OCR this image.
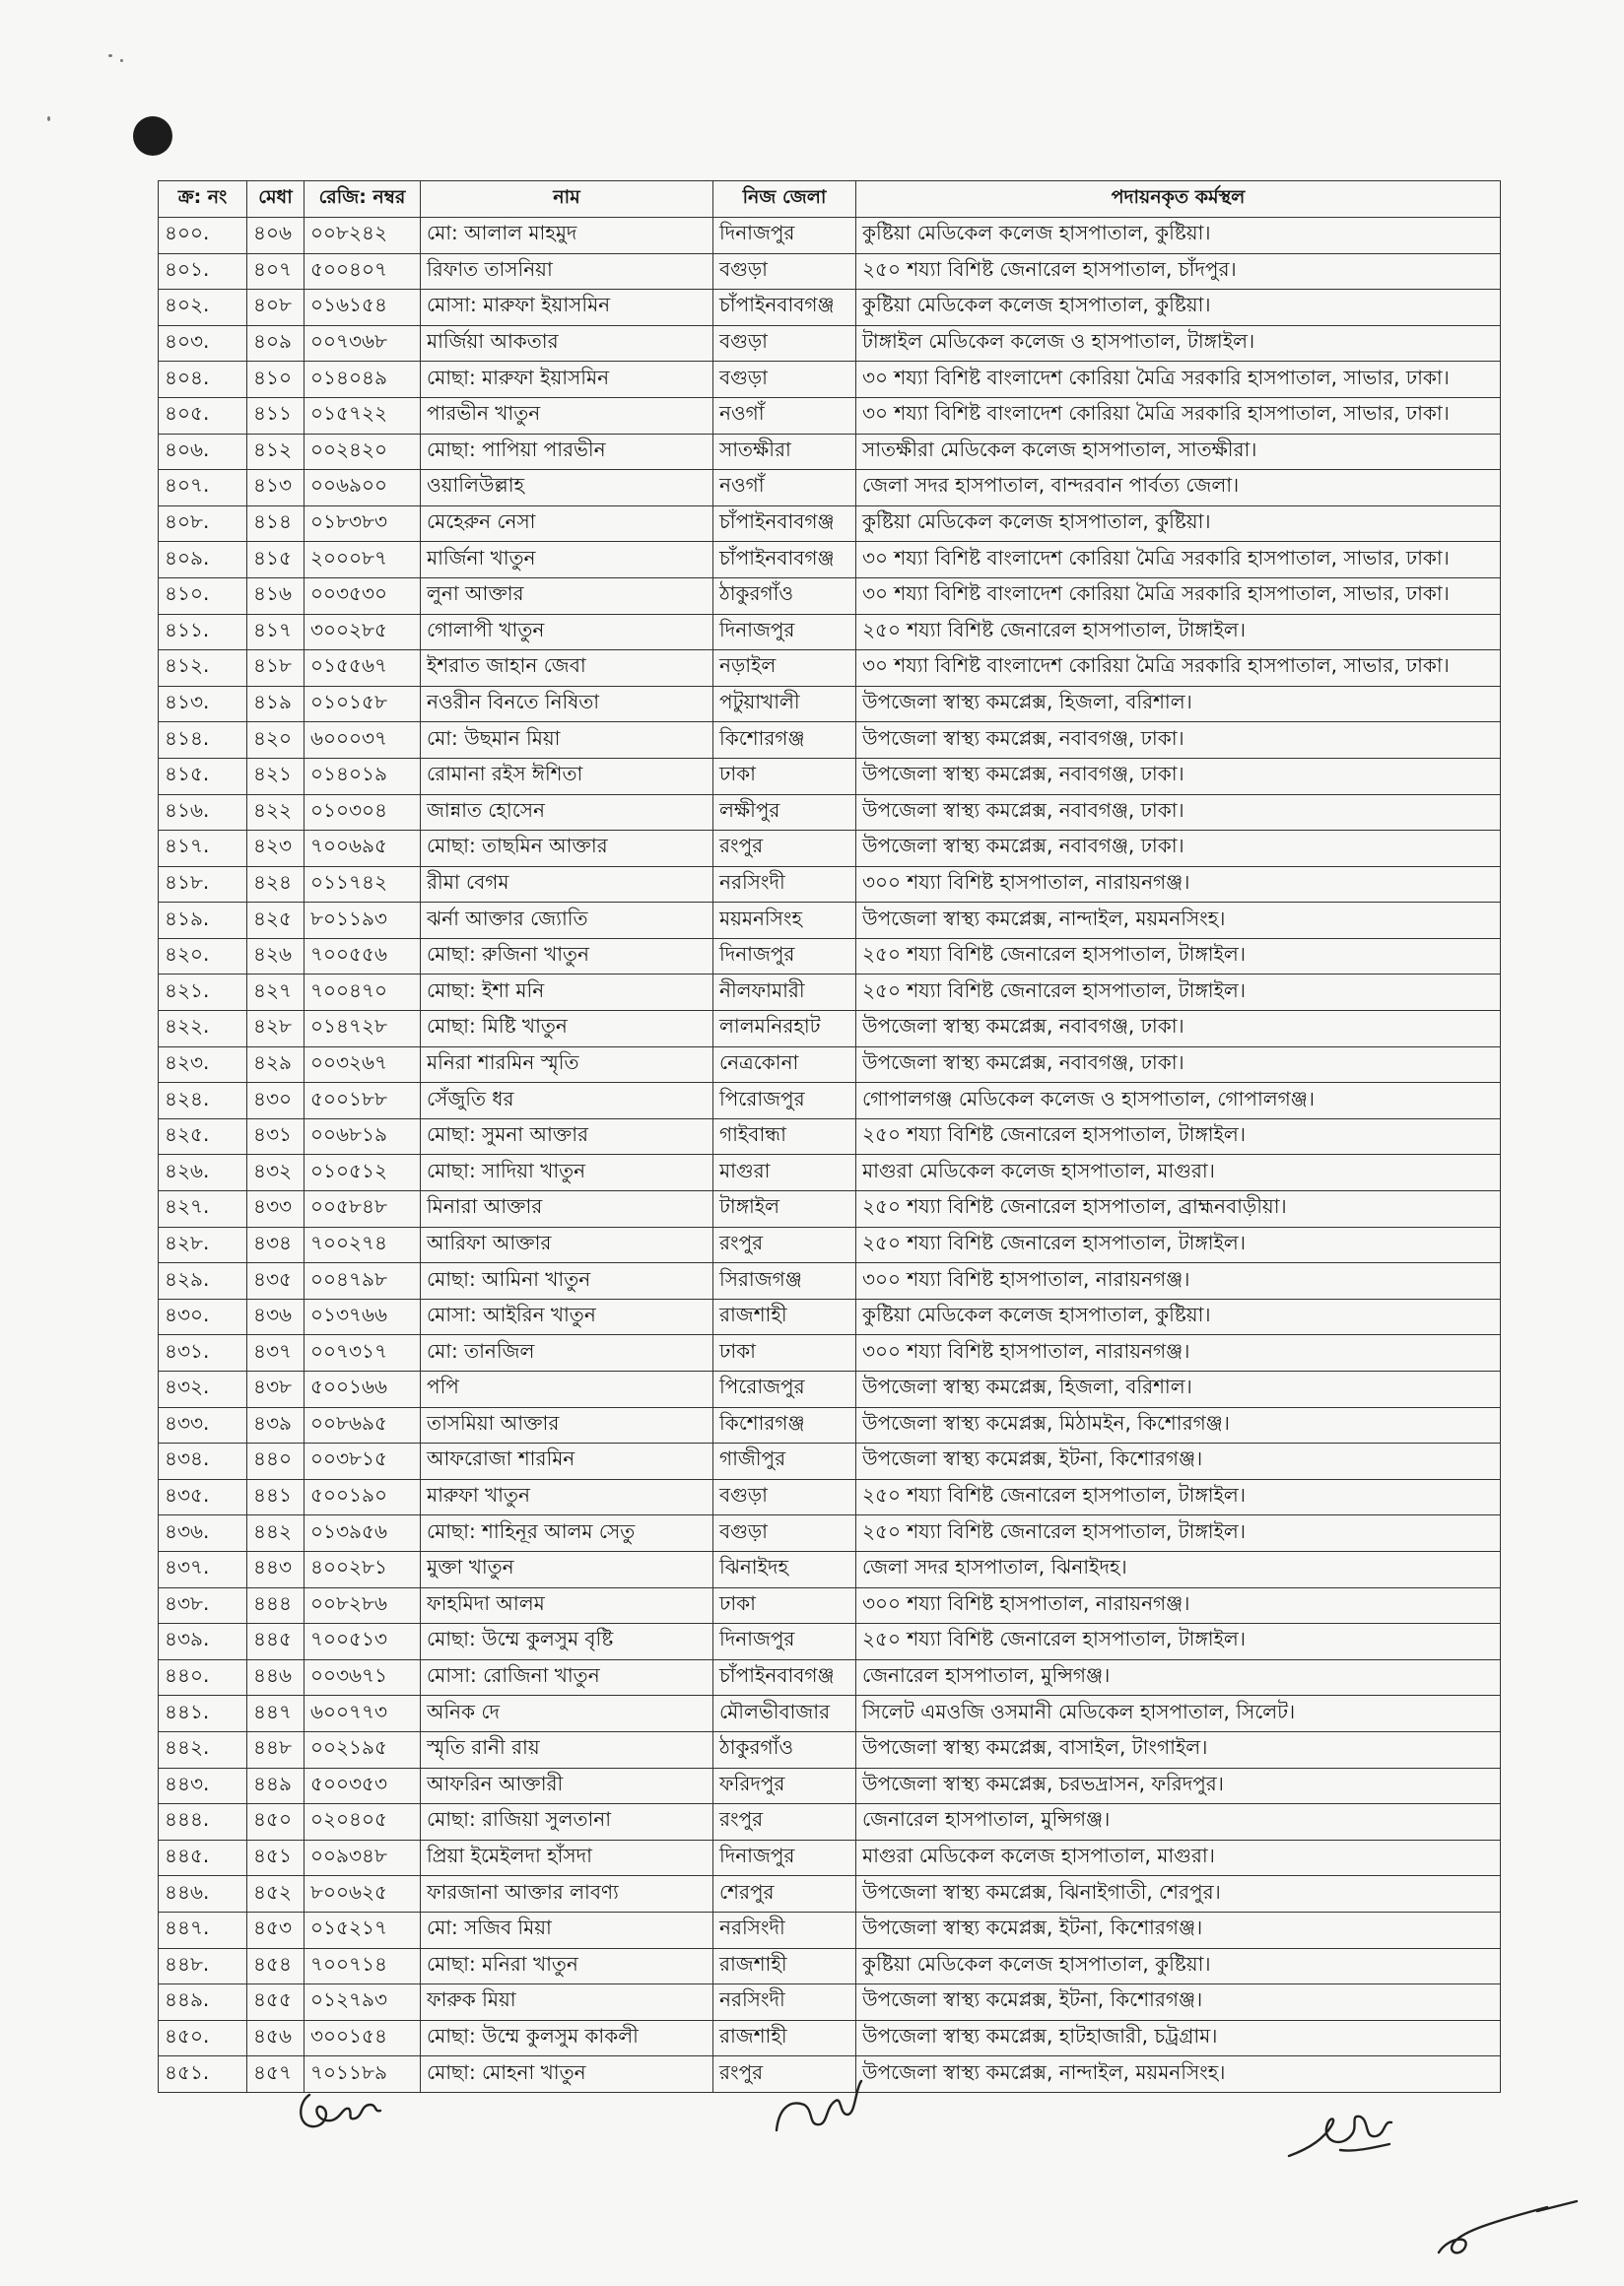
ক্র: নং	মেধা	রেজি: নম্বর	নাম	নিজ জেলা	পদায়নকৃত কর্মস্থল
৪০০.	৪০৬	০০৮২৪২	মো: আলাল মাহমুদ	দিনাজপুর	কুষ্টিয়া মেডিকেল কলেজ হাসপাতাল, কুষ্টিয়া।
৪০১.	৪০৭	৫০০৪০৭	রিফাত তাসনিয়া	বগুড়া	২৫০ শয্যা বিশিষ্ট জেনারেল হাসপাতাল, চাঁদপুর।
৪০২.	৪০৮	০১৬১৫৪	মোসা: মারুফা ইয়াসমিন	চাঁপাইনবাবগঞ্জ	কুষ্টিয়া মেডিকেল কলেজ হাসপাতাল, কুষ্টিয়া।
৪০৩.	৪০৯	০০৭৩৬৮	মার্জিয়া আকতার	বগুড়া	টাঙ্গাইল মেডিকেল কলেজ ও হাসপাতাল, টাঙ্গাইল।
৪০৪.	৪১০	০১৪০৪৯	মোছা: মারুফা ইয়াসমিন	বগুড়া	৩০ শয্যা বিশিষ্ট বাংলাদেশ কোরিয়া মৈত্রি সরকারি হাসপাতাল, সাভার, ঢাকা।
৪০৫.	৪১১	০১৫৭২২	পারভীন খাতুন	নওগাঁ	৩০ শয্যা বিশিষ্ট বাংলাদেশ কোরিয়া মৈত্রি সরকারি হাসপাতাল, সাভার, ঢাকা।
৪০৬.	৪১২	০০২৪২০	মোছা: পাপিয়া পারভীন	সাতক্ষীরা	সাতক্ষীরা মেডিকেল কলেজ হাসপাতাল, সাতক্ষীরা।
৪০৭.	৪১৩	০০৬৯০০	ওয়ালিউল্লাহ	নওগাঁ	জেলা সদর হাসপাতাল, বান্দরবান পার্বত্য জেলা।
৪০৮.	৪১৪	০১৮৩৮৩	মেহেরুন নেসা	চাঁপাইনবাবগঞ্জ	কুষ্টিয়া মেডিকেল কলেজ হাসপাতাল, কুষ্টিয়া।
৪০৯.	৪১৫	২০০০৮৭	মার্জিনা খাতুন	চাঁপাইনবাবগঞ্জ	৩০ শয্যা বিশিষ্ট বাংলাদেশ কোরিয়া মৈত্রি সরকারি হাসপাতাল, সাভার, ঢাকা।
৪১০.	৪১৬	০০৩৫৩০	লুনা আক্তার	ঠাকুরগাঁও	৩০ শয্যা বিশিষ্ট বাংলাদেশ কোরিয়া মৈত্রি সরকারি হাসপাতাল, সাভার, ঢাকা।
৪১১.	৪১৭	৩০০২৮৫	গোলাপী খাতুন	দিনাজপুর	২৫০ শয্যা বিশিষ্ট জেনারেল হাসপাতাল, টাঙ্গাইল।
৪১২.	৪১৮	০১৫৫৬৭	ইশরাত জাহান জেবা	নড়াইল	৩০ শয্যা বিশিষ্ট বাংলাদেশ কোরিয়া মৈত্রি সরকারি হাসপাতাল, সাভার, ঢাকা।
৪১৩.	৪১৯	০১০১৫৮	নওরীন বিনতে নিষিতা	পটুয়াখালী	উপজেলা স্বাস্থ্য কমপ্লেক্স, হিজলা, বরিশাল।
৪১৪.	৪২০	৬০০০৩৭	মো: উছমান মিয়া	কিশোরগঞ্জ	উপজেলা স্বাস্থ্য কমপ্লেক্স, নবাবগঞ্জ, ঢাকা।
৪১৫.	৪২১	০১৪০১৯	রোমানা রইস ঈশিতা	ঢাকা	উপজেলা স্বাস্থ্য কমপ্লেক্স, নবাবগঞ্জ, ঢাকা।
৪১৬.	৪২২	০১০৩০৪	জান্নাত হোসেন	লক্ষীপুর	উপজেলা স্বাস্থ্য কমপ্লেক্স, নবাবগঞ্জ, ঢাকা।
৪১৭.	৪২৩	৭০০৬৯৫	মোছা: তাছমিন আক্তার	রংপুর	উপজেলা স্বাস্থ্য কমপ্লেক্স, নবাবগঞ্জ, ঢাকা।
৪১৮.	৪২৪	০১১৭৪২	রীমা বেগম	নরসিংদী	৩০০ শয্যা বিশিষ্ট হাসপাতাল, নারায়নগঞ্জ।
৪১৯.	৪২৫	৮০১১৯৩	ঝর্না আক্তার জ্যোতি	ময়মনসিংহ	উপজেলা স্বাস্থ্য কমপ্লেক্স, নান্দাইল, ময়মনসিংহ।
৪২০.	৪২৬	৭০০৫৫৬	মোছা: রুজিনা খাতুন	দিনাজপুর	২৫০ শয্যা বিশিষ্ট জেনারেল হাসপাতাল, টাঙ্গাইল।
৪২১.	৪২৭	৭০০৪৭০	মোছা: ইশা মনি	নীলফামারী	২৫০ শয্যা বিশিষ্ট জেনারেল হাসপাতাল, টাঙ্গাইল।
৪২২.	৪২৮	০১৪৭২৮	মোছা: মিষ্টি খাতুন	লালমনিরহাট	উপজেলা স্বাস্থ্য কমপ্লেক্স, নবাবগঞ্জ, ঢাকা।
৪২৩.	৪২৯	০০৩২৬৭	মনিরা শারমিন স্মৃতি	নেত্রকোনা	উপজেলা স্বাস্থ্য কমপ্লেক্স, নবাবগঞ্জ, ঢাকা।
৪২৪.	৪৩০	৫০০১৮৮	সেঁজুতি ধর	পিরোজপুর	গোপালগঞ্জ মেডিকেল কলেজ ও হাসপাতাল, গোপালগঞ্জ।
৪২৫.	৪৩১	০০৬৮১৯	মোছা: সুমনা আক্তার	গাইবান্ধা	২৫০ শয্যা বিশিষ্ট জেনারেল হাসপাতাল, টাঙ্গাইল।
৪২৬.	৪৩২	০১০৫১২	মোছা: সাদিয়া খাতুন	মাগুরা	মাগুরা মেডিকেল কলেজ হাসপাতাল, মাগুরা।
৪২৭.	৪৩৩	০০৫৮৪৮	মিনারা আক্তার	টাঙ্গাইল	২৫০ শয্যা বিশিষ্ট জেনারেল হাসপাতাল, ব্রাহ্মনবাড়ীয়া।
৪২৮.	৪৩৪	৭০০২৭৪	আরিফা আক্তার	রংপুর	২৫০ শয্যা বিশিষ্ট জেনারেল হাসপাতাল, টাঙ্গাইল।
৪২৯.	৪৩৫	০০৪৭৯৮	মোছা: আমিনা খাতুন	সিরাজগঞ্জ	৩০০ শয্যা বিশিষ্ট হাসপাতাল, নারায়নগঞ্জ।
৪৩০.	৪৩৬	০১৩৭৬৬	মোসা: আইরিন খাতুন	রাজশাহী	কুষ্টিয়া মেডিকেল কলেজ হাসপাতাল, কুষ্টিয়া।
৪৩১.	৪৩৭	০০৭৩১৭	মো: তানজিল	ঢাকা	৩০০ শয্যা বিশিষ্ট হাসপাতাল, নারায়নগঞ্জ।
৪৩২.	৪৩৮	৫০০১৬৬	পপি	পিরোজপুর	উপজেলা স্বাস্থ্য কমপ্লেক্স, হিজলা, বরিশাল।
৪৩৩.	৪৩৯	০০৮৬৯৫	তাসমিয়া আক্তার	কিশোরগঞ্জ	উপজেলা স্বাস্থ্য কমেপ্লক্স, মিঠামইন, কিশোরগঞ্জ।
৪৩৪.	৪৪০	০০৩৮১৫	আফরোজা শারমিন	গাজীপুর	উপজেলা স্বাস্থ্য কমেপ্লক্স, ইটনা, কিশোরগঞ্জ।
৪৩৫.	৪৪১	৫০০১৯০	মারুফা খাতুন	বগুড়া	২৫০ শয্যা বিশিষ্ট জেনারেল হাসপাতাল, টাঙ্গাইল।
৪৩৬.	৪৪২	০১৩৯৫৬	মোছা: শাহিনূর আলম সেতু	বগুড়া	২৫০ শয্যা বিশিষ্ট জেনারেল হাসপাতাল, টাঙ্গাইল।
৪৩৭.	৪৪৩	৪০০২৮১	মুক্তা খাতুন	ঝিনাইদহ	জেলা সদর হাসপাতাল, ঝিনাইদহ।
৪৩৮.	৪৪৪	০০৮২৮৬	ফাহমিদা আলম	ঢাকা	৩০০ শয্যা বিশিষ্ট হাসপাতাল, নারায়নগঞ্জ।
৪৩৯.	৪৪৫	৭০০৫১৩	মোছা: উম্মে কুলসুম বৃষ্টি	দিনাজপুর	২৫০ শয্যা বিশিষ্ট জেনারেল হাসপাতাল, টাঙ্গাইল।
৪৪০.	৪৪৬	০০৩৬৭১	মোসা: রোজিনা খাতুন	চাঁপাইনবাবগঞ্জ	জেনারেল হাসপাতাল, মুন্সিগঞ্জ।
৪৪১.	৪৪৭	৬০০৭৭৩	অনিক দে	মৌলভীবাজার	সিলেট এমওজি ওসমানী মেডিকেল হাসপাতাল, সিলেট।
৪৪২.	৪৪৮	০০২১৯৫	স্মৃতি রানী রায়	ঠাকুরগাঁও	উপজেলা স্বাস্থ্য কমপ্লেক্স, বাসাইল, টাংগাইল।
৪৪৩.	৪৪৯	৫০০৩৫৩	আফরিন আক্তারী	ফরিদপুর	উপজেলা স্বাস্থ্য কমপ্লেক্স, চরভদ্রাসন, ফরিদপুর।
৪৪৪.	৪৫০	০২০৪০৫	মোছা: রাজিয়া সুলতানা	রংপুর	জেনারেল হাসপাতাল, মুন্সিগঞ্জ।
৪৪৫.	৪৫১	০০৯৩৪৮	প্রিয়া ইমেইলদা হাঁসদা	দিনাজপুর	মাগুরা মেডিকেল কলেজ হাসপাতাল, মাগুরা।
৪৪৬.	৪৫২	৮০০৬২৫	ফারজানা আক্তার লাবণ্য	শেরপুর	উপজেলা স্বাস্থ্য কমপ্লেক্স, ঝিনাইগাতী, শেরপুর।
৪৪৭.	৪৫৩	০১৫২১৭	মো: সজিব মিয়া	নরসিংদী	উপজেলা স্বাস্থ্য কমেপ্লক্স, ইটনা, কিশোরগঞ্জ।
৪৪৮.	৪৫৪	৭০০৭১৪	মোছা: মনিরা খাতুন	রাজশাহী	কুষ্টিয়া মেডিকেল কলেজ হাসপাতাল, কুষ্টিয়া।
৪৪৯.	৪৫৫	০১২৭৯৩	ফারুক মিয়া	নরসিংদী	উপজেলা স্বাস্থ্য কমেপ্লক্স, ইটনা, কিশোরগঞ্জ।
৪৫০.	৪৫৬	৩০০১৫৪	মোছা: উম্মে কুলসুম কাকলী	রাজশাহী	উপজেলা স্বাস্থ্য কমপ্লেক্স, হাটহাজারী, চট্রগ্রাম।
৪৫১.	৪৫৭	৭০১১৮৯	মোছা: মোহনা খাতুন	রংপুর	উপজেলা স্বাস্থ্য কমপ্লেক্স, নান্দাইল, ময়মনসিংহ।
